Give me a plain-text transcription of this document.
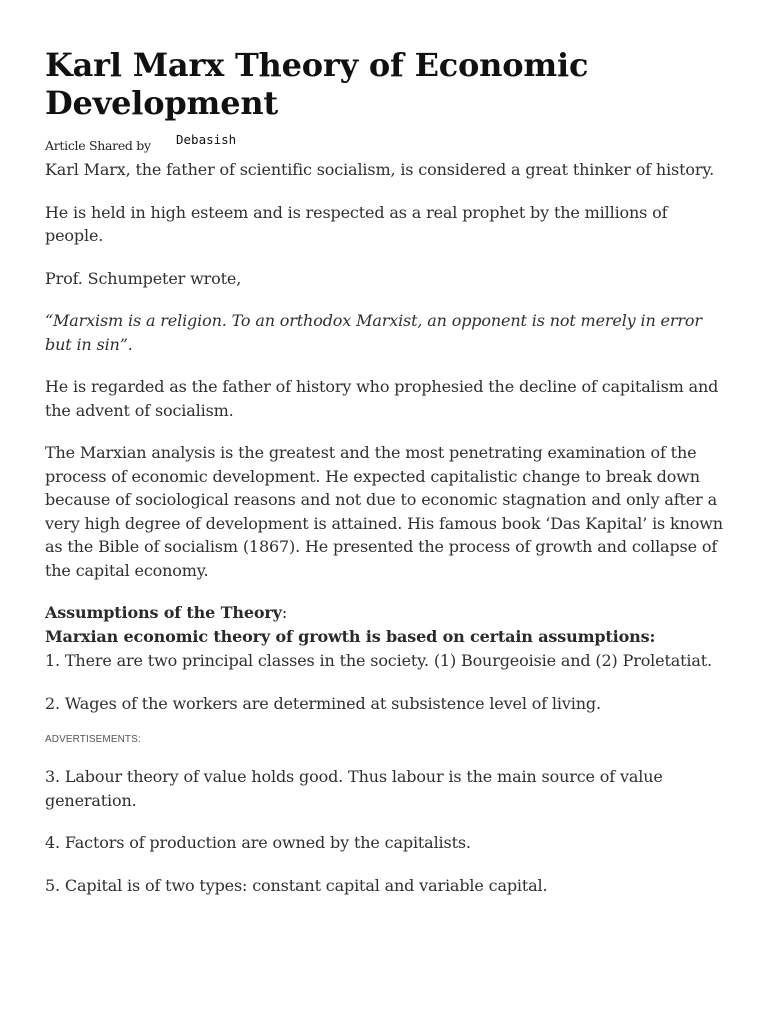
Karl Marx Theory of Economic Development
Article Shared by Debasish

Karl Marx, the father of scientific socialism, is considered a great thinker of history.

He is held in high esteem and is respected as a real prophet by the millions of people.

Prof. Schumpeter wrote,

“Marxism is a religion. To an orthodox Marxist, an opponent is not merely in error but in sin”.

He is regarded as the father of history who prophesied the decline of capitalism and the advent of socialism.

The Marxian analysis is the greatest and the most penetrating examination of the process of economic development. He expected capitalistic change to break down because of sociological reasons and not due to economic stagnation and only after a very high degree of development is attained. His famous book ‘Das Kapital’ is known as the Bible of socialism (1867). He presented the process of growth and collapse of the capital economy.

Assumptions of the Theory:
Marxian economic theory of growth is based on certain assumptions:

1. There are two principal classes in the society. (1) Bourgeoisie and (2) Proletatiat.

2. Wages of the workers are determined at subsistence level of living.

ADVERTISEMENTS:

3. Labour theory of value holds good. Thus labour is the main source of value generation.

4. Factors of production are owned by the capitalists.

5. Capital is of two types: constant capital and variable capital.
